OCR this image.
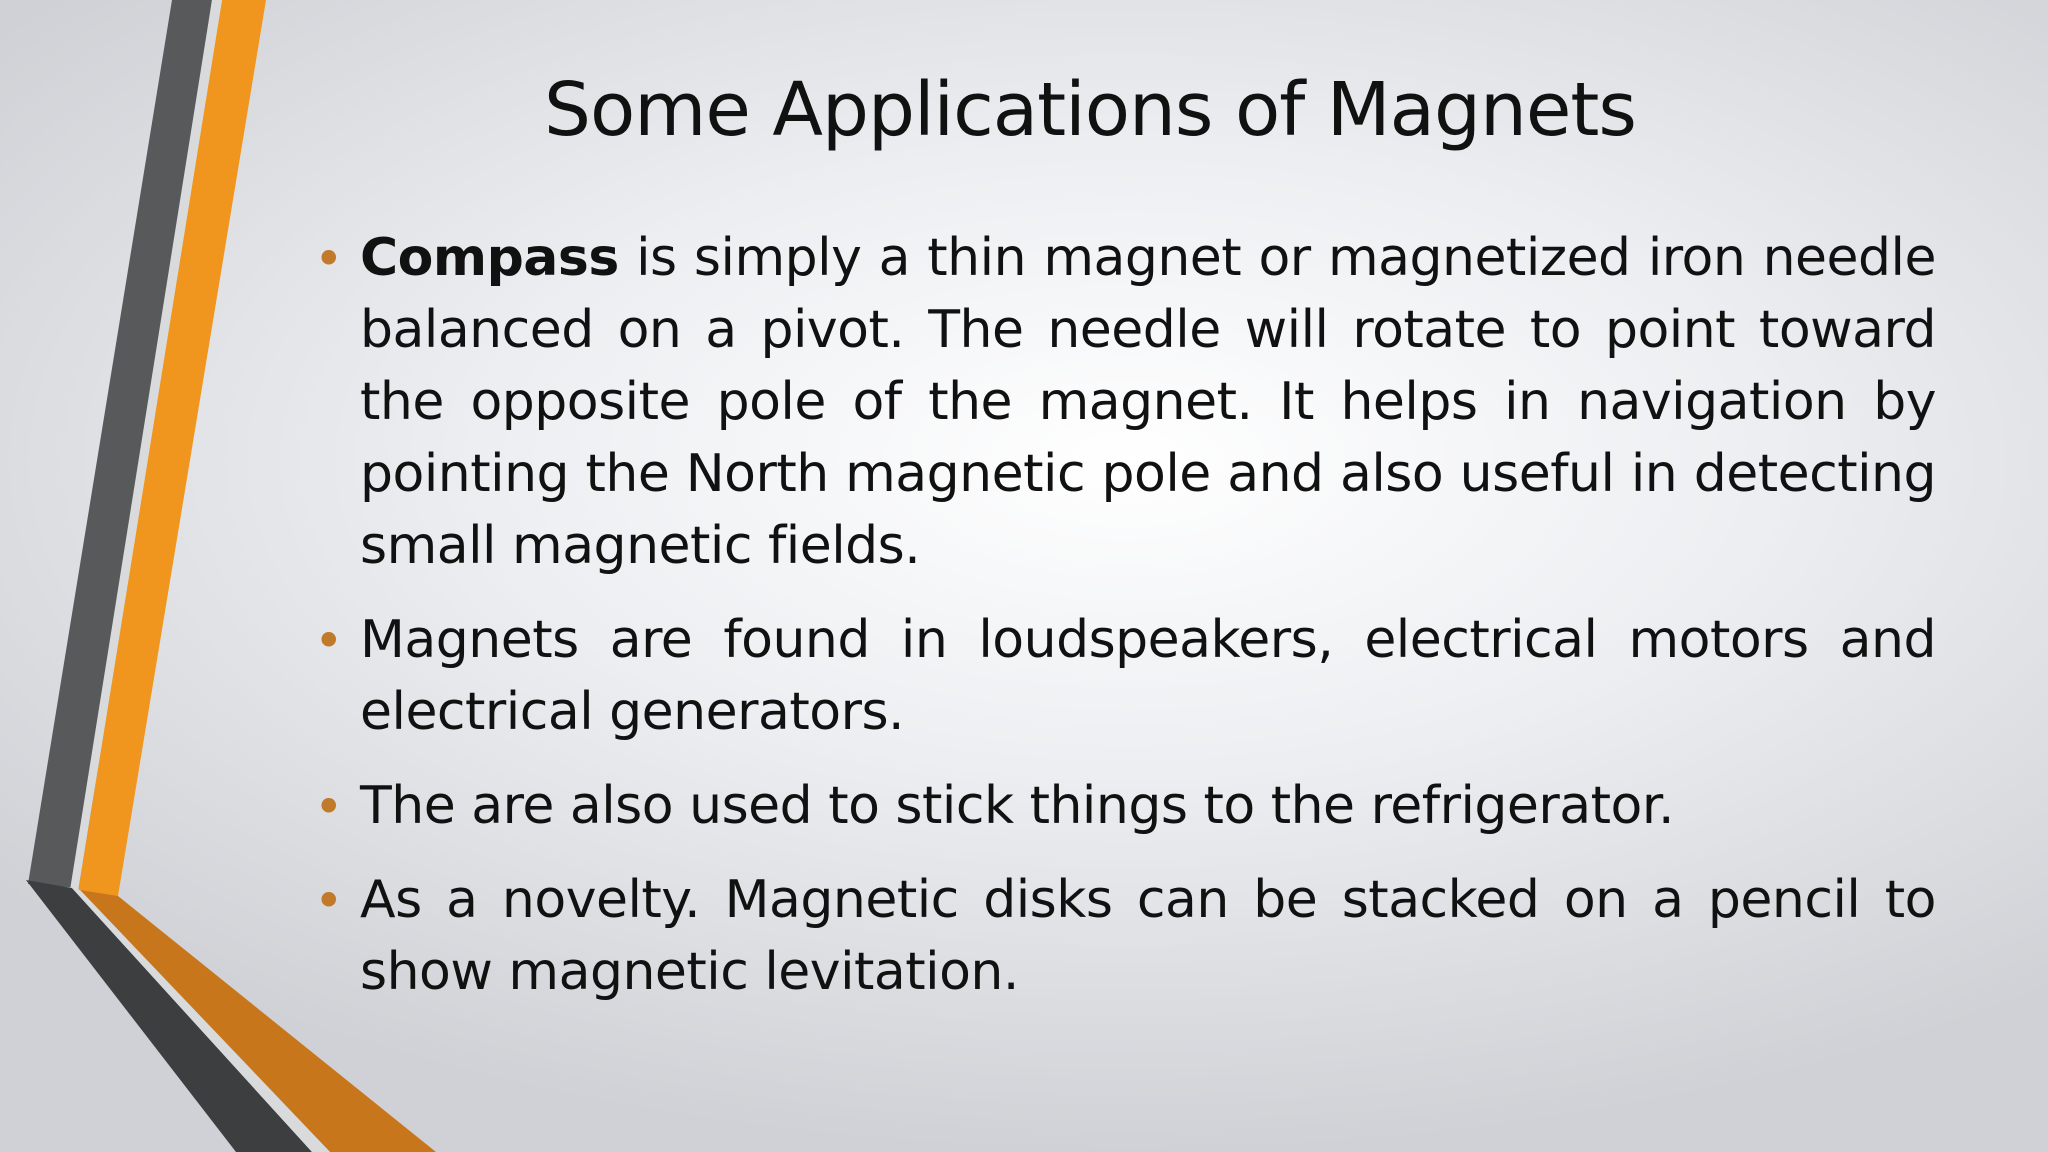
Some Applications of Magnets
• Compass is simply a thin magnet or magnetized iron needle balanced on a pivot. The needle will rotate to point toward the opposite pole of the magnet. It helps in navigation by pointing the North magnetic pole and also useful in detecting small magnetic fields.
• Magnets are found in loudspeakers, electrical motors and electrical generators.
• The are also used to stick things to the refrigerator.
• As a novelty. Magnetic disks can be stacked on a pencil to show magnetic levitation.
